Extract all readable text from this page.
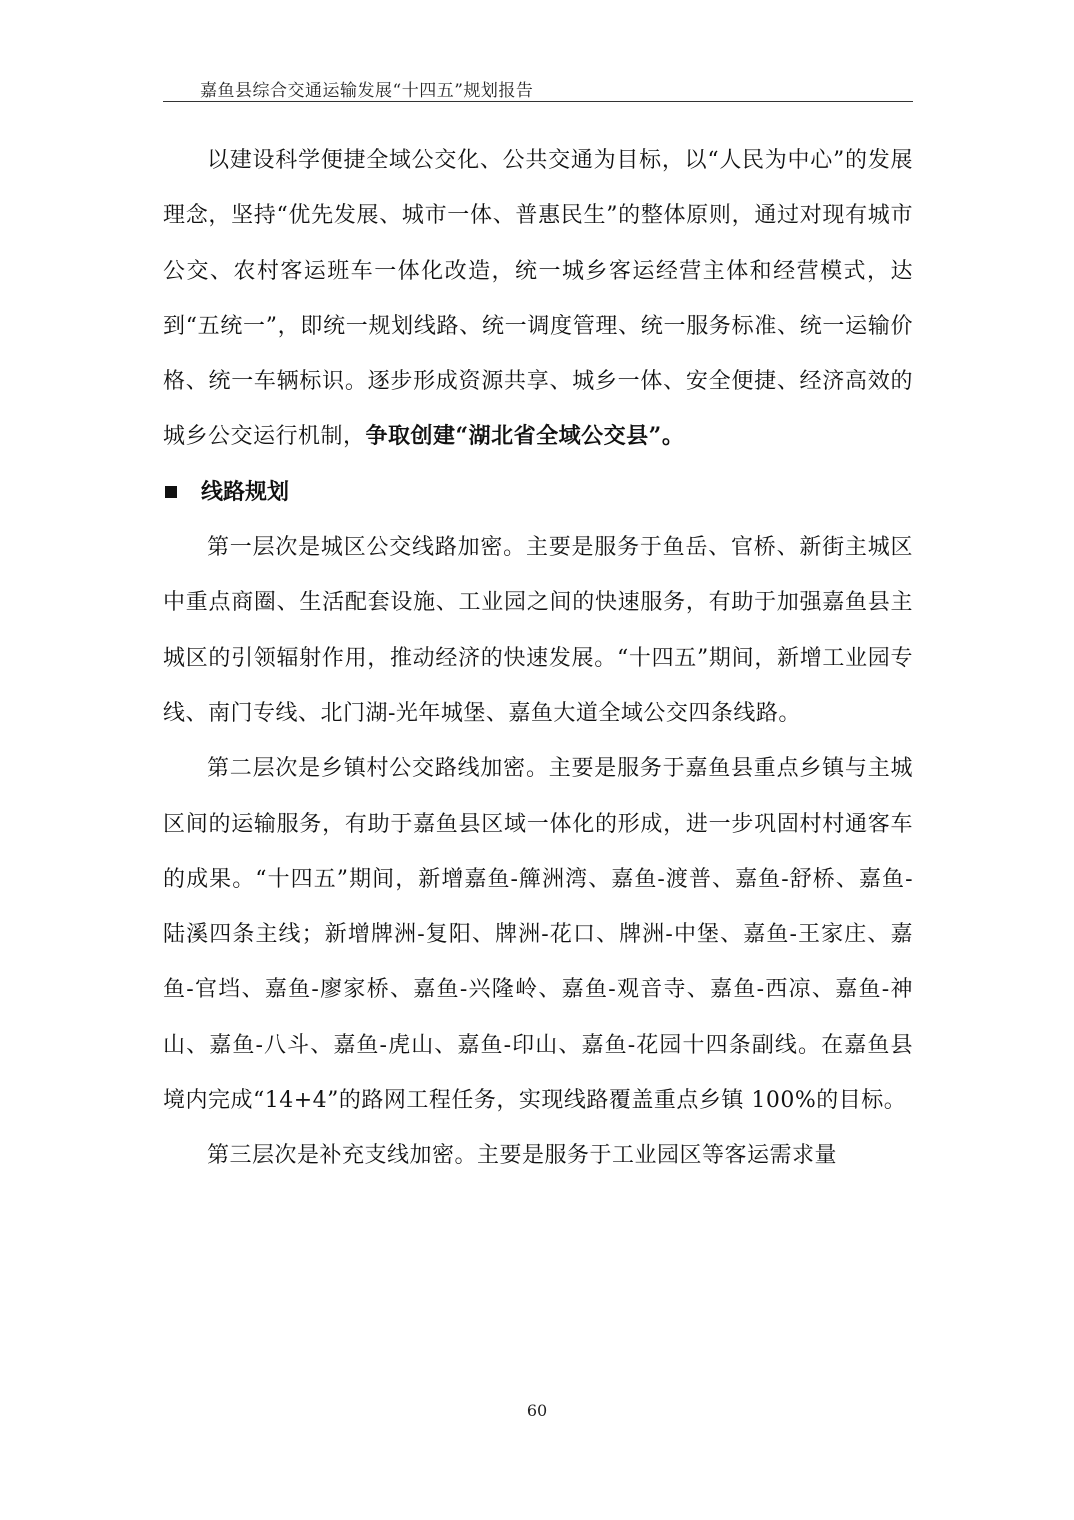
嘉鱼县综合交通运输发展“十四五”规划报告

以建设科学便捷全域公交化、公共交通为目标，以“人民为中心”的发展理念，坚持“优先发展、城市一体、普惠民生”的整体原则，通过对现有城市公交、农村客运班车一体化改造，统一城乡客运经营主体和经营模式，达到“五统一”，即统一规划线路、统一调度管理、统一服务标准、统一运输价格、统一车辆标识。逐步形成资源共享、城乡一体、安全便捷、经济高效的城乡公交运行机制，争取创建“湖北省全域公交县”。

线路规划

第一层次是城区公交线路加密。主要是服务于鱼岳、官桥、新街主城区中重点商圈、生活配套设施、工业园之间的快速服务，有助于加强嘉鱼县主城区的引领辐射作用，推动经济的快速发展。“十四五”期间，新增工业园专线、南门专线、北门湖-光年城堡、嘉鱼大道全域公交四条线路。

第二层次是乡镇村公交路线加密。主要是服务于嘉鱼县重点乡镇与主城区间的运输服务，有助于嘉鱼县区域一体化的形成，进一步巩固村村通客车的成果。“十四五”期间，新增嘉鱼-簰洲湾、嘉鱼-渡普、嘉鱼-舒桥、嘉鱼-陆溪四条主线；新增牌洲-复阳、牌洲-花口、牌洲-中堡、嘉鱼-王家庄、嘉鱼-官垱、嘉鱼-廖家桥、嘉鱼-兴隆岭、嘉鱼-观音寺、嘉鱼-西凉、嘉鱼-神山、嘉鱼-八斗、嘉鱼-虎山、嘉鱼-印山、嘉鱼-花园十四条副线。在嘉鱼县境内完成“14+4”的路网工程任务，实现线路覆盖重点乡镇 100%的目标。

第三层次是补充支线加密。主要是服务于工业园区等客运需求量

60
